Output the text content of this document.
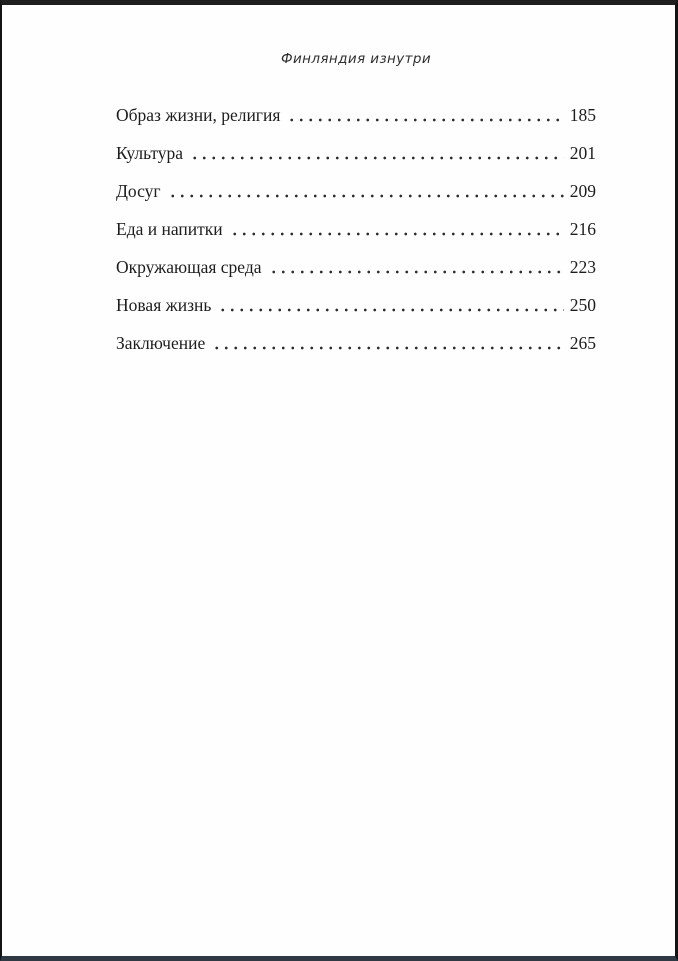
Финляндия изнутри
Образ жизни, религия	185
Культура	201
Досуг	209
Еда и напитки	216
Окружающая среда	223
Новая жизнь	250
Заключение	265
